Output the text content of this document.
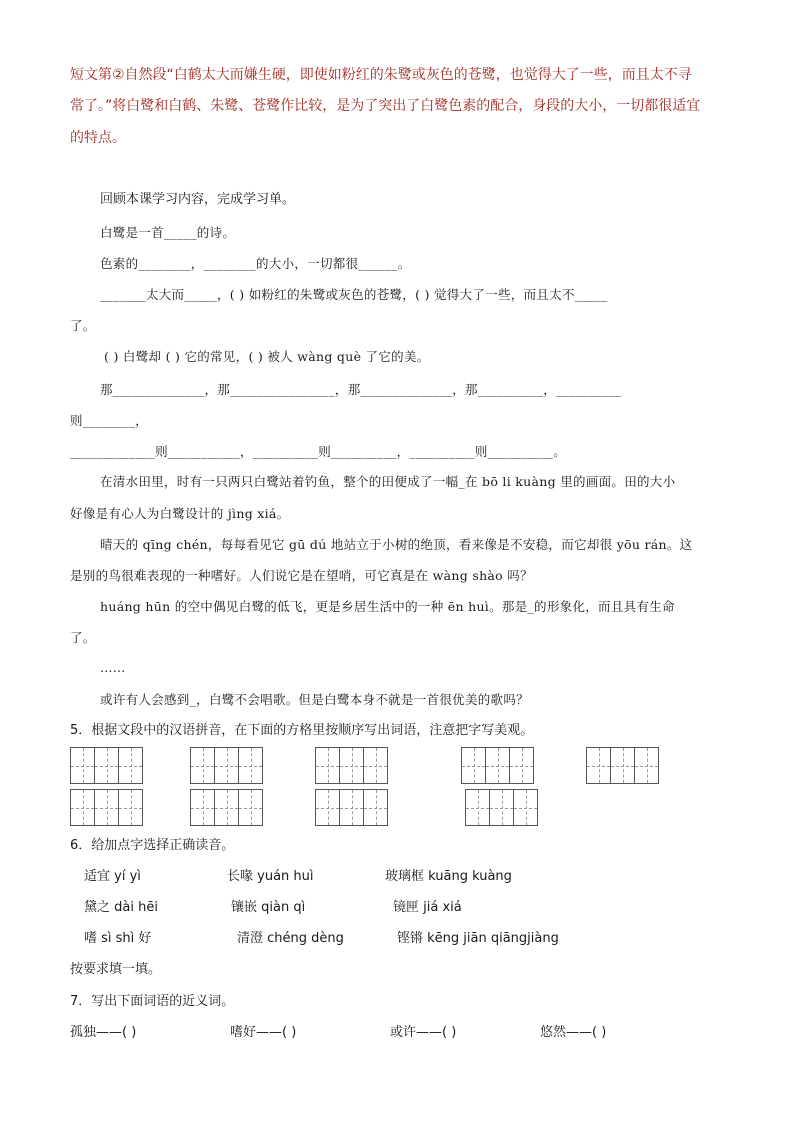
短文第②自然段“白鹤太大而嫌生硬，即使如粉红的朱鹭或灰色的苍鹭，也觉得大了一些，而且太不寻
常了。”将白鹭和白鹤、朱鹭、苍鹭作比较，是为了突出了白鹭色素的配合，身段的大小，一切都很适宜
的特点。
回顾本课学习内容，完成学习单。
白鹭是一首_____的诗。
色素的________，________的大小，一切都很______。
_______太大而_____，( ) 如粉红的朱鹭或灰色的苍鹭，( ) 觉得大了一些，而且太不_____
了。
( ) 白鹭却 ( ) 它的常见，( ) 被人 wàng què 了它的美。
那______________，那________________，那______________，那__________，__________
则________，
_____________则___________，__________则__________，__________则__________。
在清水田里，时有一只两只白鹭站着钓鱼，整个的田便成了一幅_在 bō li kuàng 里的画面。田的大小
好像是有心人为白鹭设计的 jìng xiá。
晴天的 qīng chén，每每看见它 gū dú 地站立于小树的绝顶，看来像是不安稳，而它却很 yōu rán。这
是别的鸟很难表现的一种嗜好。人们说它是在望哨，可它真是在 wàng shào 吗？
huáng hūn 的空中偶见白鹭的低飞，更是乡居生活中的一种 ēn huì。那是_的形象化，而且具有生命
了。
……
或许有人会感到_，白鹭不会唱歌。但是白鹭本身不就是一首很优美的歌吗？
5．根据文段中的汉语拼音，在下面的方格里按顺序写出词语，注意把字写美观。
6．给加点字选择正确读音。
适宜 yí yì	长喙 yuán huì	玻璃框 kuāng kuàng
黛之 dài hēi	镶嵌 qiàn qì	镜匣 jiá xiá
嗜 sì shì 好	清澄 chéng dèng	铿锵 kēng jiān qiāngjiàng
按要求填一填。
7．写出下面词语的近义词。
孤独——( )	嗜好——( )	或许——( )	悠然——( )
